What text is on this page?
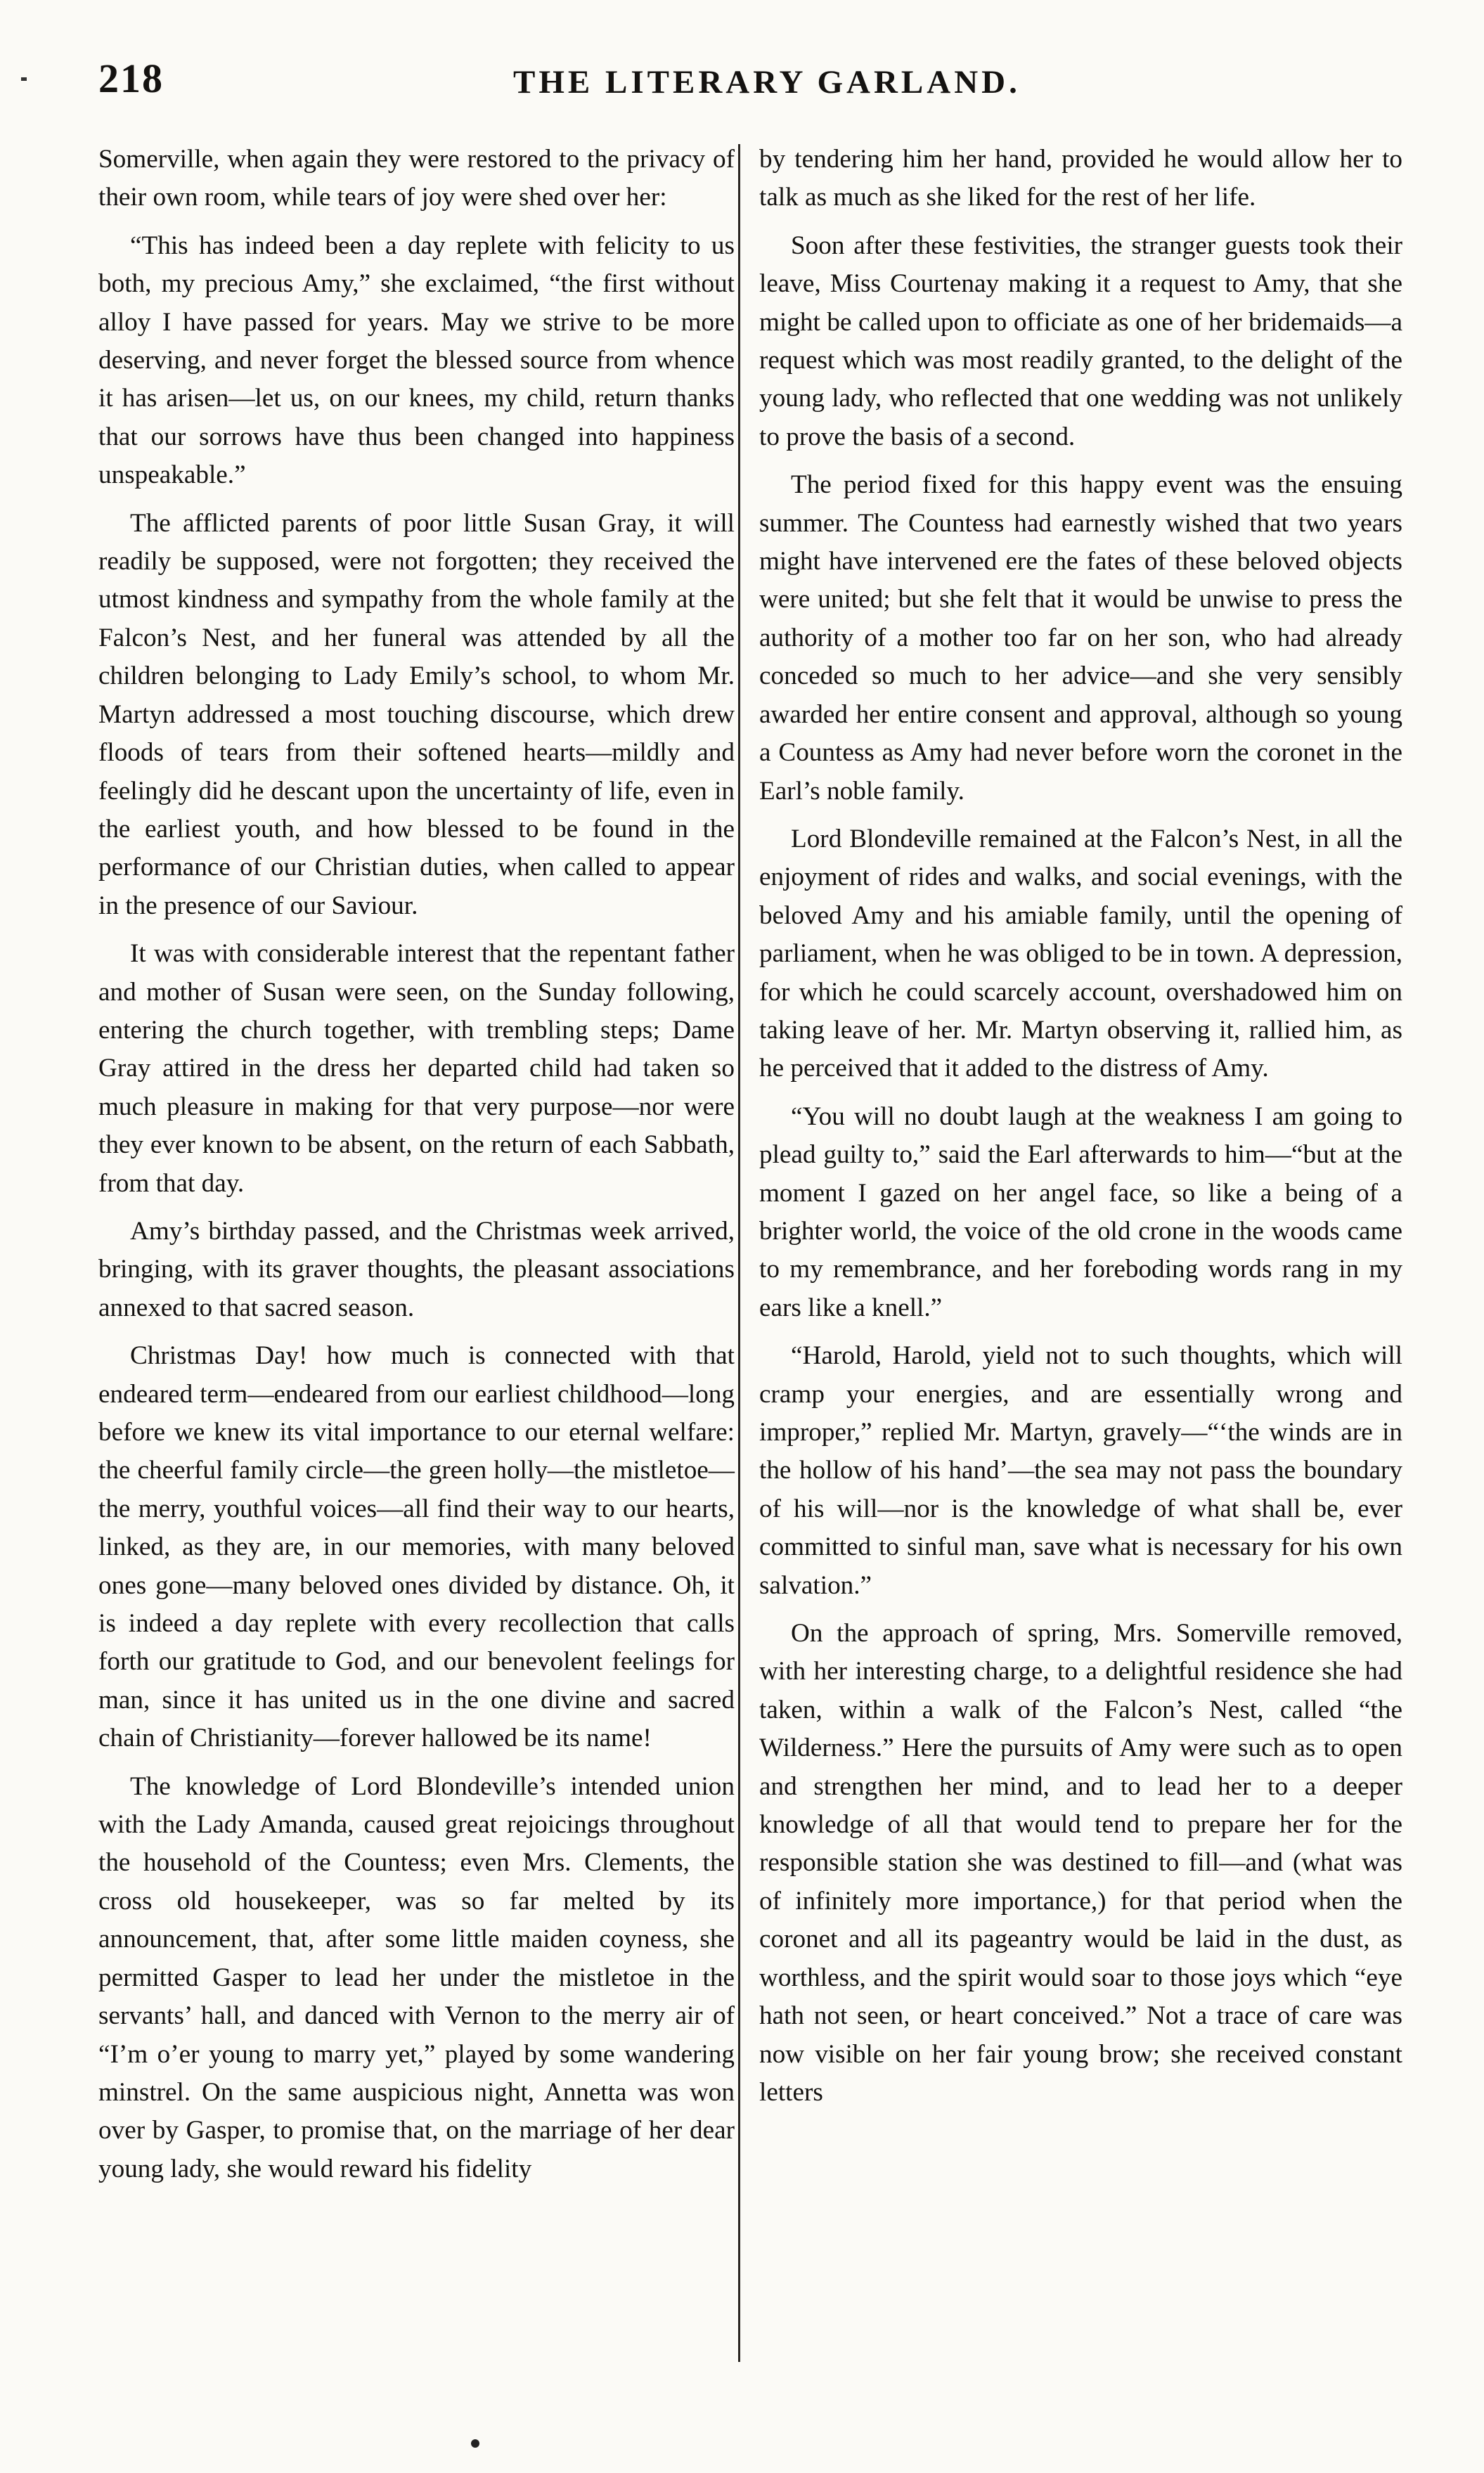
218	THE LITERARY GARLAND.

Somerville, when again they were restored to the privacy of their own room, while tears of joy were shed over her:

“This has indeed been a day replete with felicity to us both, my precious Amy,” she exclaimed, “the first without alloy I have passed for years. May we strive to be more deserving, and never forget the blessed source from whence it has arisen—let us, on our knees, my child, return thanks that our sorrows have thus been changed into happiness unspeakable.”

The afflicted parents of poor little Susan Gray, it will readily be supposed, were not forgotten; they received the utmost kindness and sympathy from the whole family at the Falcon’s Nest, and her funeral was attended by all the children belonging to Lady Emily’s school, to whom Mr. Martyn addressed a most touching discourse, which drew floods of tears from their softened hearts—mildly and feelingly did he descant upon the uncertainty of life, even in the earliest youth, and how blessed to be found in the performance of our Christian duties, when called to appear in the presence of our Saviour.

It was with considerable interest that the repentant father and mother of Susan were seen, on the Sunday following, entering the church together, with trembling steps; Dame Gray attired in the dress her departed child had taken so much pleasure in making for that very purpose—nor were they ever known to be absent, on the return of each Sabbath, from that day.

Amy’s birthday passed, and the Christmas week arrived, bringing, with its graver thoughts, the pleasant associations annexed to that sacred season.

Christmas Day! how much is connected with that endeared term—endeared from our earliest childhood—long before we knew its vital importance to our eternal welfare: the cheerful family circle—the green holly—the mistletoe—the merry, youthful voices—all find their way to our hearts, linked, as they are, in our memories, with many beloved ones gone—many beloved ones divided by distance. Oh, it is indeed a day replete with every recollection that calls forth our gratitude to God, and our benevolent feelings for man, since it has united us in the one divine and sacred chain of Christianity—forever hallowed be its name!

The knowledge of Lord Blondeville’s intended union with the Lady Amanda, caused great rejoicings throughout the household of the Countess; even Mrs. Clements, the cross old housekeeper, was so far melted by its announcement, that, after some little maiden coyness, she permitted Gasper to lead her under the mistletoe in the servants’ hall, and danced with Vernon to the merry air of “I’m o’er young to marry yet,” played by some wandering minstrel. On the same auspicious night, Annetta was won over by Gasper, to promise that, on the marriage of her dear young lady, she would reward his fidelity

by tendering him her hand, provided he would allow her to talk as much as she liked for the rest of her life.

Soon after these festivities, the stranger guests took their leave, Miss Courtenay making it a request to Amy, that she might be called upon to officiate as one of her bridemaids—a request which was most readily granted, to the delight of the young lady, who reflected that one wedding was not unlikely to prove the basis of a second.

The period fixed for this happy event was the ensuing summer. The Countess had earnestly wished that two years might have intervened ere the fates of these beloved objects were united; but she felt that it would be unwise to press the authority of a mother too far on her son, who had already conceded so much to her advice—and she very sensibly awarded her entire consent and approval, although so young a Countess as Amy had never before worn the coronet in the Earl’s noble family.

Lord Blondeville remained at the Falcon’s Nest, in all the enjoyment of rides and walks, and social evenings, with the beloved Amy and his amiable family, until the opening of parliament, when he was obliged to be in town. A depression, for which he could scarcely account, overshadowed him on taking leave of her. Mr. Martyn observing it, rallied him, as he perceived that it added to the distress of Amy.

“You will no doubt laugh at the weakness I am going to plead guilty to,” said the Earl afterwards to him—“but at the moment I gazed on her angel face, so like a being of a brighter world, the voice of the old crone in the woods came to my remembrance, and her foreboding words rang in my ears like a knell.”

“Harold, Harold, yield not to such thoughts, which will cramp your energies, and are essentially wrong and improper,” replied Mr. Martyn, gravely—“‘the winds are in the hollow of his hand’—the sea may not pass the boundary of his will—nor is the knowledge of what shall be, ever committed to sinful man, save what is necessary for his own salvation.”

On the approach of spring, Mrs. Somerville removed, with her interesting charge, to a delightful residence she had taken, within a walk of the Falcon’s Nest, called “the Wilderness.” Here the pursuits of Amy were such as to open and strengthen her mind, and to lead her to a deeper knowledge of all that would tend to prepare her for the responsible station she was destined to fill—and (what was of infinitely more importance,) for that period when the coronet and all its pageantry would be laid in the dust, as worthless, and the spirit would soar to those joys which “eye hath not seen, or heart conceived.” Not a trace of care was now visible on her fair young brow; she received constant letters
